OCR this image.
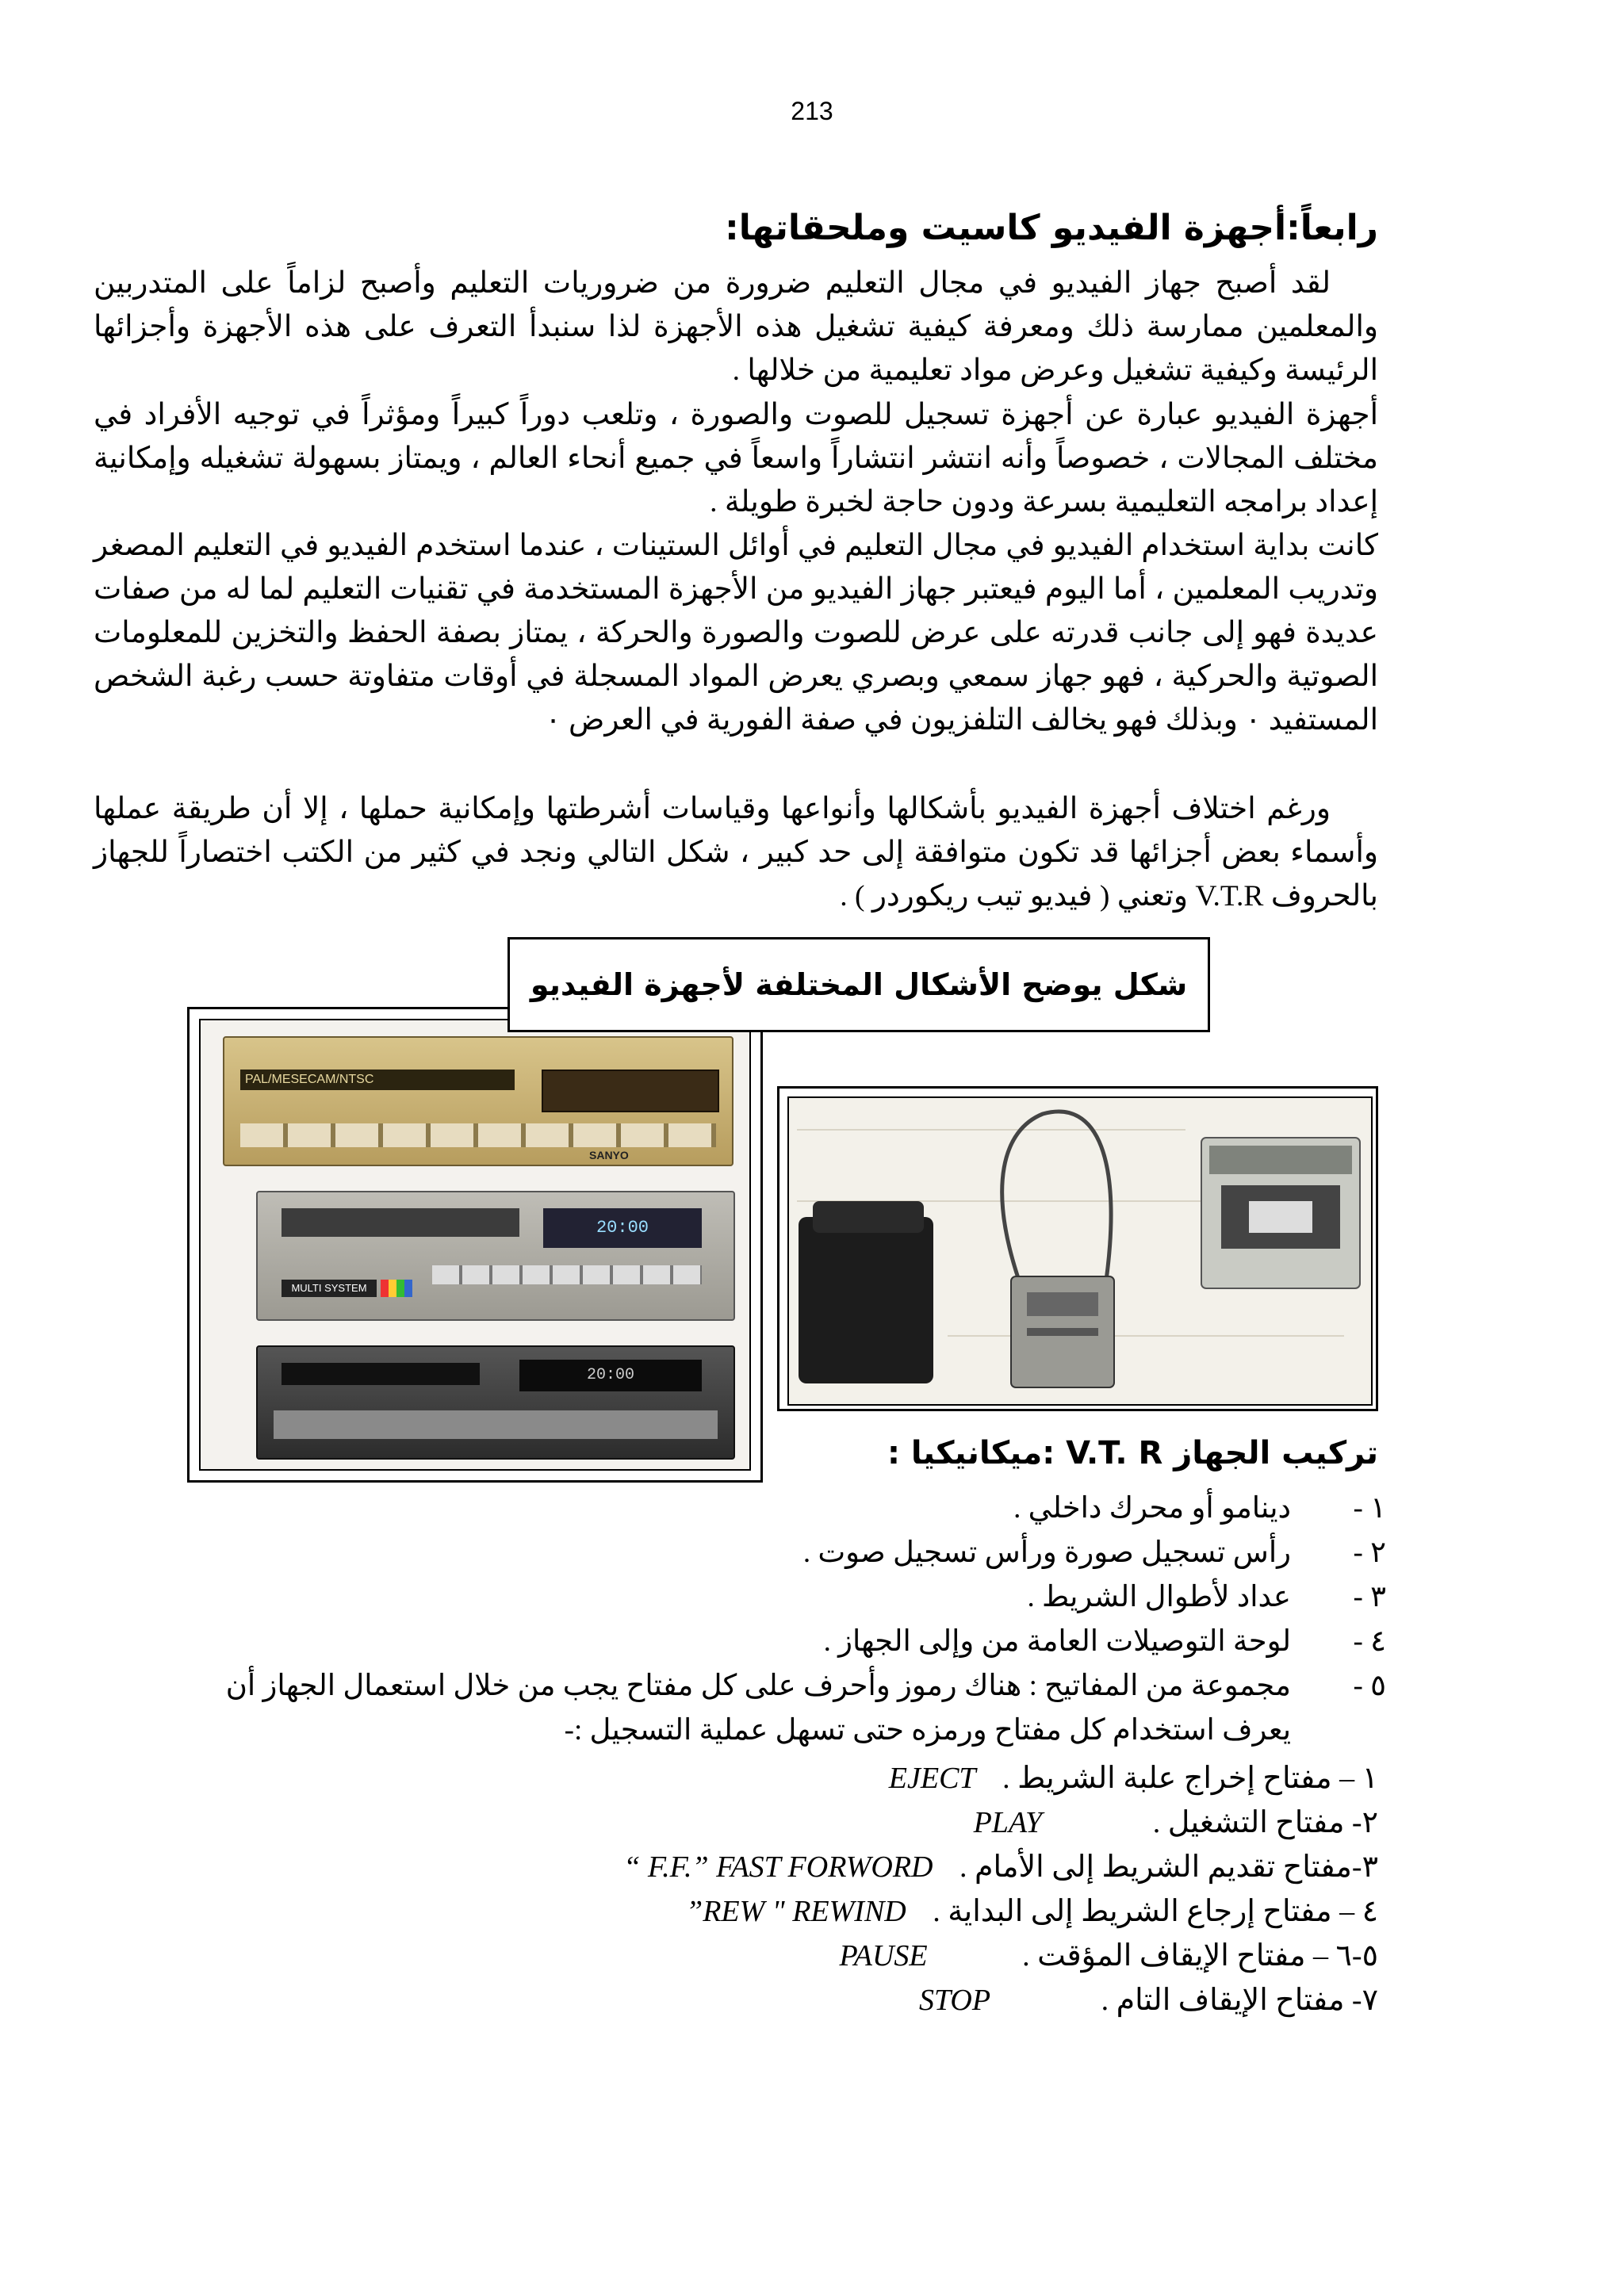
213
رابعاً:أجهزة الفيديو كاسيت وملحقاتها:
لقد أصبح جهاز الفيديو في مجال التعليم ضرورة من ضروريات التعليم وأصبح لزاماً على المتدربين والمعلمين ممارسة ذلك ومعرفة كيفية تشغيل هذه الأجهزة لذا سنبدأ التعرف على هذه الأجهزة وأجزائها الرئيسة وكيفية تشغيل وعرض مواد تعليمية من خلالها .
أجهزة الفيديو عبارة عن أجهزة تسجيل للصوت والصورة ، وتلعب دوراً كبيراً ومؤثراً في توجيه الأفراد في مختلف المجالات ، خصوصاً وأنه انتشر انتشاراً واسعاً في جميع أنحاء العالم ، ويمتاز بسهولة تشغيله وإمكانية إعداد برامجه التعليمية بسرعة ودون حاجة لخبرة طويلة .
كانت بداية استخدام الفيديو في مجال التعليم في أوائل الستينات ، عندما استخدم الفيديو في التعليم المصغر وتدريب المعلمين ، أما اليوم فيعتبر جهاز الفيديو من الأجهزة المستخدمة في تقنيات التعليم لما له من صفات عديدة فهو إلى جانب قدرته على عرض للصوت والصورة والحركة ، يمتاز بصفة الحفظ والتخزين للمعلومات الصوتية والحركية ، فهو جهاز سمعي وبصري يعرض المواد المسجلة في أوقات متفاوتة حسب رغبة الشخص المستفيد ٠ وبذلك فهو يخالف التلفزيون في صفة الفورية في العرض ٠
ورغم اختلاف أجهزة الفيديو بأشكالها وأنواعها وقياسات أشرطتها وإمكانية حملها ، إلا أن طريقة عملها وأسماء بعض أجزائها قد تكون متوافقة إلى حد كبير ، شكل التالي ونجد في كثير من الكتب اختصاراً للجهاز بالحروف V.T.R وتعني ( فيديو تيب ريكوردر ) .
PAL/MESECAM/NTSC
SANYO
20:00
MULTI SYSTEM
20:00
شكل يوضح الأشكال المختلفة لأجهزة الفيديو
تركيب الجهاز V.T. R :ميكانيكيا :
١ -
دينامو أو محرك داخلي .
٢ -
رأس تسجيل صورة ورأس تسجيل صوت .
٣ -
عداد لأطوال الشريط .
٤ -
لوحة التوصيلات العامة من وإلى الجهاز .
٥ -
مجموعة من المفاتيح : هناك رموز وأحرف على كل مفتاح يجب من خلال استعمال الجهاز أن
يعرف استخدام كل مفتاح ورمزه حتى تسهل عملية التسجيل :-
١ – مفتاح إخراج علبة الشريط . EJECT
٢- مفتاح التشغيل . PLAY
٣-مفتاح تقديم الشريط إلى الأمام . F.F.” FAST FORWORD “
٤ – مفتاح إرجاع الشريط إلى البداية . REW " REWIND”
٥-٦ – مفتاح الإيقاف المؤقت . PAUSE
٧- مفتاح الإيقاف التام . STOP
